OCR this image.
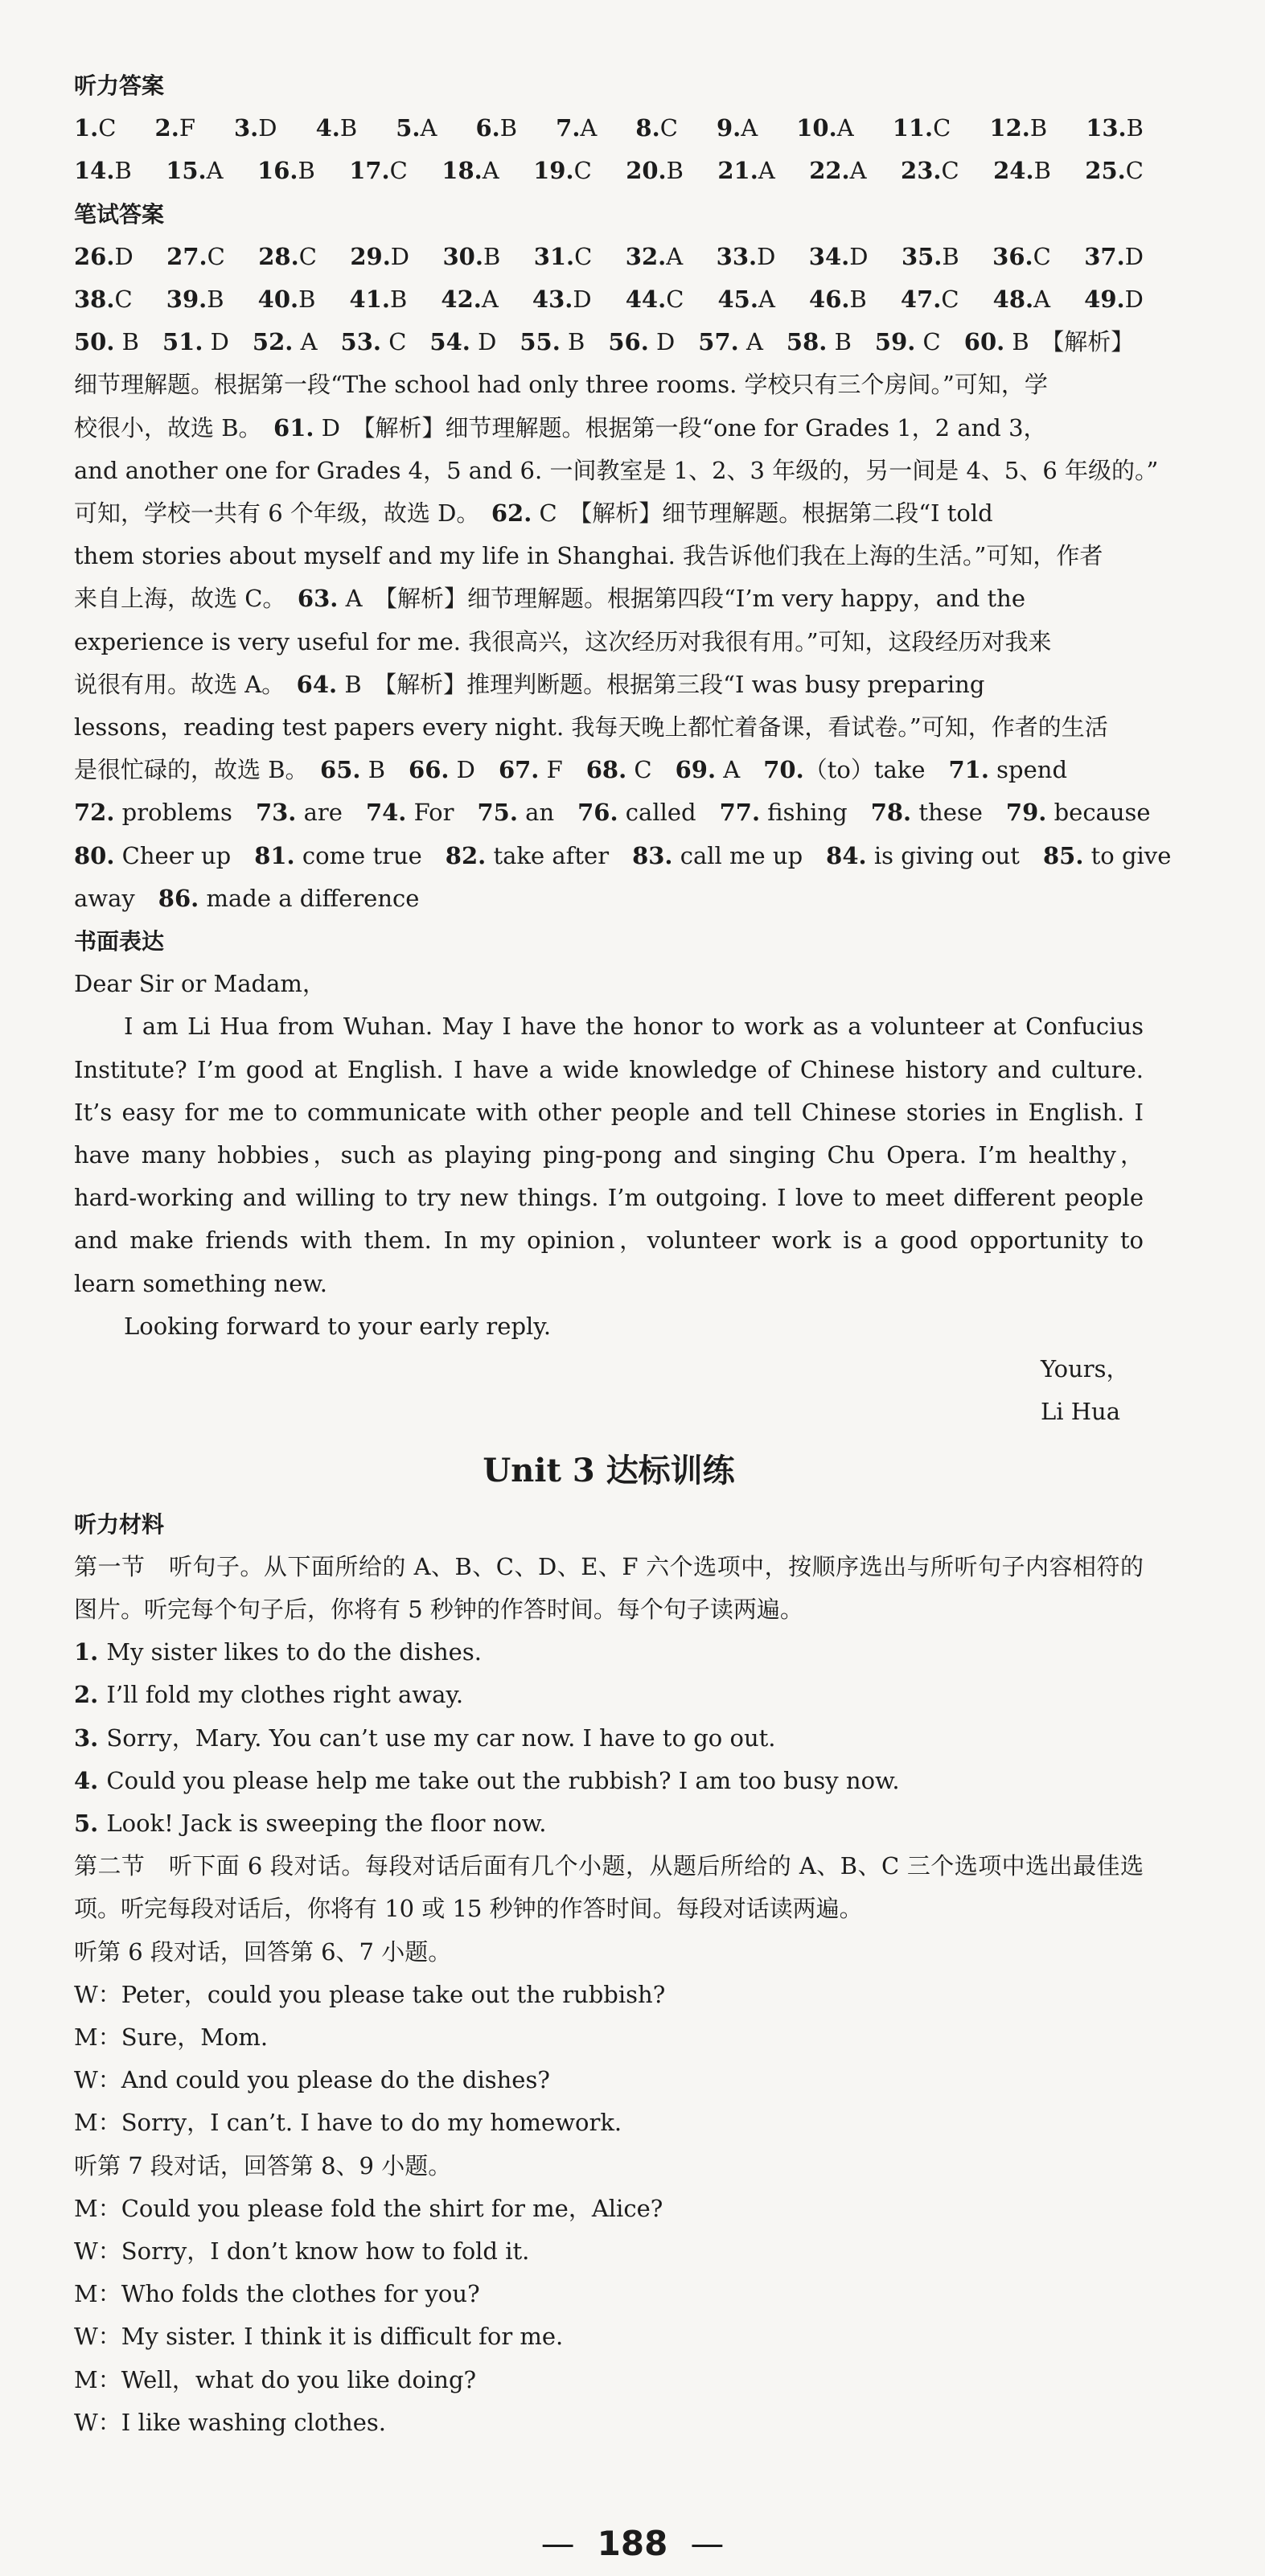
听力答案
1.C 2.F 3.D 4.B 5.A 6.B 7.A 8.C 9.A 10.A 11.C 12.B 13.B
14.B 15.A 16.B 17.C 18.A 19.C 20.B 21.A 22.A 23.C 24.B 25.C
笔试答案
26.D 27.C 28.C 29.D 30.B 31.C 32.A 33.D 34.D 35.B 36.C 37.D
38.C 39.B 40.B 41.B 42.A 43.D 44.C 45.A 46.B 47.C 48.A 49.D
50. B　51. D　52. A　53. C　54. D　55. B　56. D　57. A　58. B　59. C　60. B　【解析】
细节理解题。根据第一段“The school had only three rooms. 学校只有三个房间。”可知，学
校很小，故选 B。　61. D　【解析】细节理解题。根据第一段“one for Grades 1，2 and 3，
and another one for Grades 4，5 and 6. 一间教室是 1、2、3 年级的，另一间是 4、5、6 年级的。”
可知，学校一共有 6 个年级，故选 D。　62. C　【解析】细节理解题。根据第二段“I told
them stories about myself and my life in Shanghai. 我告诉他们我在上海的生活。”可知，作者
来自上海，故选 C。　63. A　【解析】细节理解题。根据第四段“I’m very happy，and the
experience is very useful for me. 我很高兴，这次经历对我很有用。”可知，这段经历对我来
说很有用。故选 A。　64. B　【解析】推理判断题。根据第三段“I was busy preparing
lessons，reading test papers every night. 我每天晚上都忙着备课，看试卷。”可知，作者的生活
是很忙碌的，故选 B。　65. B　66. D　67. F　68. C　69. A　70.（to）take　71. spend
72. problems　73. are　74. For　75. an　76. called　77. fishing　78. these　79. because
80. Cheer up　81. come true　82. take after　83. call me up　84. is giving out　85. to give
away　86. made a difference
书面表达
Dear Sir or Madam，
I am Li Hua from Wuhan. May I have the honor to work as a volunteer at Confucius Institute? I’m good at English. I have a wide knowledge of Chinese history and culture. It’s easy for me to communicate with other people and tell Chinese stories in English. I have many hobbies，such as playing ping-pong and singing Chu Opera. I’m healthy，hard-working and willing to try new things. I’m outgoing. I love to meet different people and make friends with them. In my opinion，volunteer work is a good opportunity to learn something new.
Looking forward to your early reply.
Yours，
Li Hua
Unit 3 达标训练
听力材料
第一节　听句子。从下面所给的 A、B、C、D、E、F 六个选项中，按顺序选出与所听句子内容相符的图片。听完每个句子后，你将有 5 秒钟的作答时间。每个句子读两遍。
1. My sister likes to do the dishes.
2. I’ll fold my clothes right away.
3. Sorry，Mary. You can’t use my car now. I have to go out.
4. Could you please help me take out the rubbish? I am too busy now.
5. Look! Jack is sweeping the floor now.
第二节　听下面 6 段对话。每段对话后面有几个小题，从题后所给的 A、B、C 三个选项中选出最佳选项。听完每段对话后，你将有 10 或 15 秒钟的作答时间。每段对话读两遍。
听第 6 段对话，回答第 6、7 小题。
W：Peter，could you please take out the rubbish?
M：Sure，Mom.
W：And could you please do the dishes?
M：Sorry，I can’t. I have to do my homework.
听第 7 段对话，回答第 8、9 小题。
M：Could you please fold the shirt for me，Alice?
W：Sorry，I don’t know how to fold it.
M：Who folds the clothes for you?
W：My sister. I think it is difficult for me.
M：Well，what do you like doing?
W：I like washing clothes.
— 188 —
